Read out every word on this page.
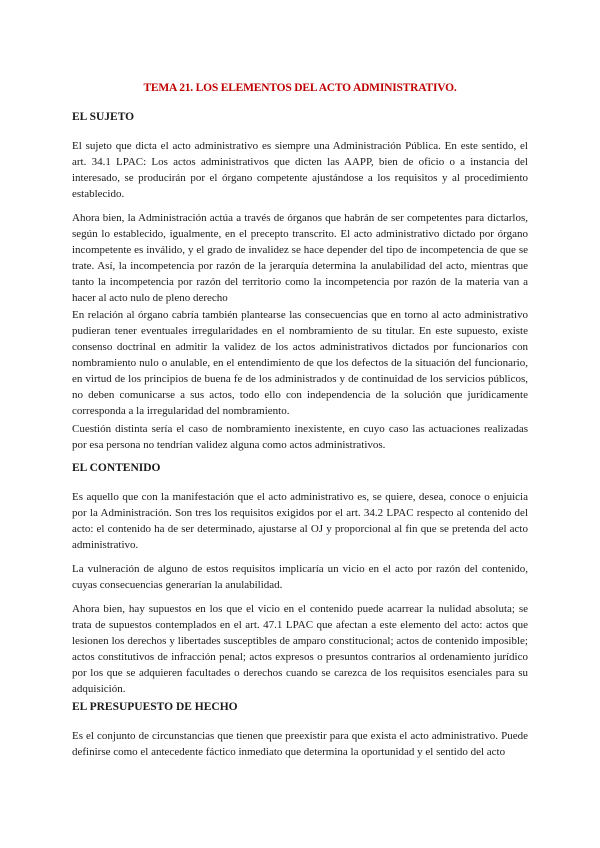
TEMA 21. LOS ELEMENTOS DEL ACTO ADMINISTRATIVO.
EL SUJETO

El sujeto que dicta el acto administrativo es siempre una Administración Pública. En este sentido, el art. 34.1 LPAC: Los actos administrativos que dicten las AAPP, bien de oficio o a instancia del interesado, se producirán por el órgano competente ajustándose a los requisitos y al procedimiento establecido.

Ahora bien, la Administración actúa a través de órganos que habrán de ser competentes para dictarlos, según lo establecido, igualmente, en el precepto transcrito. El acto administrativo dictado por órgano incompetente es inválido, y el grado de invalidez se hace depender del tipo de incompetencia de que se trate. Así, la incompetencia por razón de la jerarquía determina la anulabilidad del acto, mientras que tanto la incompetencia por razón del territorio como la incompetencia por razón de la materia van a hacer al acto nulo de pleno derecho

En relación al órgano cabría también plantearse las consecuencias que en torno al acto administrativo pudieran tener eventuales irregularidades en el nombramiento de su titular. En este supuesto, existe consenso doctrinal en admitir la validez de los actos administrativos dictados por funcionarios con nombramiento nulo o anulable, en el entendimiento de que los defectos de la situación del funcionario, en virtud de los principios de buena fe de los administrados y de continuidad de los servicios públicos, no deben comunicarse a sus actos, todo ello con independencia de la solución que jurídicamente corresponda a la irregularidad del nombramiento.

Cuestión distinta sería el caso de nombramiento inexistente, en cuyo caso las actuaciones realizadas por esa persona no tendrían validez alguna como actos administrativos.

EL CONTENIDO

Es aquello que con la manifestación que el acto administrativo es, se quiere, desea, conoce o enjuicia por la Administración. Son tres los requisitos exigidos por el art. 34.2 LPAC respecto al contenido del acto: el contenido ha de ser determinado, ajustarse al OJ y proporcional al fin que se pretenda del acto administrativo.

La vulneración de alguno de estos requisitos implicaría un vicio en el acto por razón del contenido, cuyas consecuencias generarían la anulabilidad.

Ahora bien, hay supuestos en los que el vicio en el contenido puede acarrear la nulidad absoluta; se trata de supuestos contemplados en el art. 47.1 LPAC que afectan a este elemento del acto: actos que lesionen los derechos y libertades susceptibles de amparo constitucional; actos de contenido imposible; actos constitutivos de infracción penal; actos expresos o presuntos contrarios al ordenamiento jurídico por los que se adquieren facultades o derechos cuando se carezca de los requisitos esenciales para su adquisición.

EL PRESUPUESTO DE HECHO

Es el conjunto de circunstancias que tienen que preexistir para que exista el acto administrativo. Puede definirse como el antecedente fáctico inmediato que determina la oportunidad y el sentido del acto
